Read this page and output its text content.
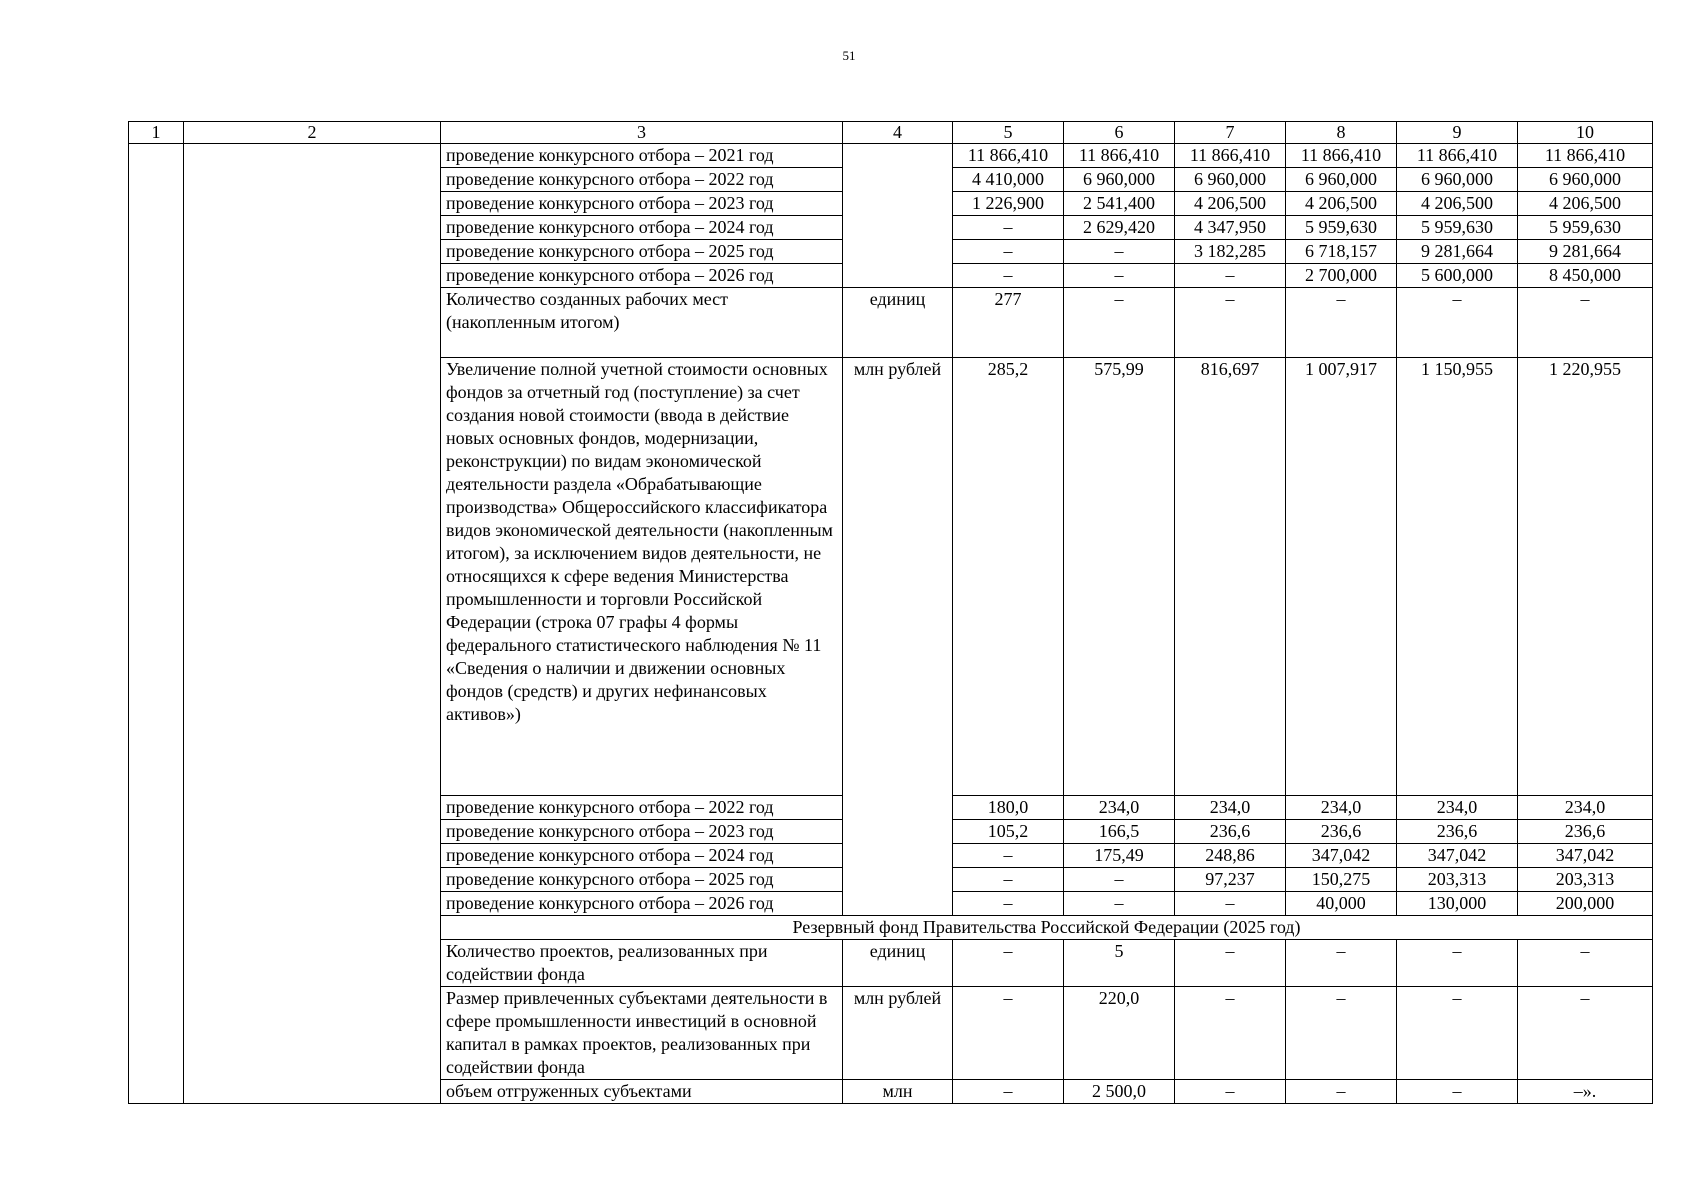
51
1	2	3	4	5	6	7	8	9	10
		проведение конкурсного отбора – 2021 год		11 866,410	11 866,410	11 866,410	11 866,410	11 866,410	11 866,410
		проведение конкурсного отбора – 2022 год		4 410,000	6 960,000	6 960,000	6 960,000	6 960,000	6 960,000
		проведение конкурсного отбора – 2023 год		1 226,900	2 541,400	4 206,500	4 206,500	4 206,500	4 206,500
		проведение конкурсного отбора – 2024 год		–	2 629,420	4 347,950	5 959,630	5 959,630	5 959,630
		проведение конкурсного отбора – 2025 год		–	–	3 182,285	6 718,157	9 281,664	9 281,664
		проведение конкурсного отбора – 2026 год		–	–	–	2 700,000	5 600,000	8 450,000
		Количество созданных рабочих мест (накопленным итогом)	единиц	277	–	–	–	–	–
		Увеличение полной учетной стоимости основных фондов за отчетный год (поступление) за счет создания новой стоимости (ввода в действие новых основных фондов, модернизации, реконструкции) по видам экономической деятельности раздела «Обрабатывающие производства» Общероссийского классификатора видов экономической деятельности (накопленным итогом), за исключением видов деятельности, не относящихся к сфере ведения Министерства промышленности и торговли Российской Федерации (строка 07 графы 4 формы федерального статистического наблюдения № 11 «Сведения о наличии и движении основных фондов (средств) и других нефинансовых активов»)	млн рублей	285,2	575,99	816,697	1 007,917	1 150,955	1 220,955
		проведение конкурсного отбора – 2022 год		180,0	234,0	234,0	234,0	234,0	234,0
		проведение конкурсного отбора – 2023 год		105,2	166,5	236,6	236,6	236,6	236,6
		проведение конкурсного отбора – 2024 год		–	175,49	248,86	347,042	347,042	347,042
		проведение конкурсного отбора – 2025 год		–	–	97,237	150,275	203,313	203,313
		проведение конкурсного отбора – 2026 год		–	–	–	40,000	130,000	200,000
		Резервный фонд Правительства Российской Федерации (2025 год)							
		Количество проектов, реализованных при содействии фонда	единиц	–	5	–	–	–	–
		Размер привлеченных субъектами деятельности в сфере промышленности инвестиций в основной капитал в рамках проектов, реализованных при содействии фонда	млн рублей	–	220,0	–	–	–	–
		объем отгруженных субъектами	млн	–	2 500,0	–	–	–	–».
